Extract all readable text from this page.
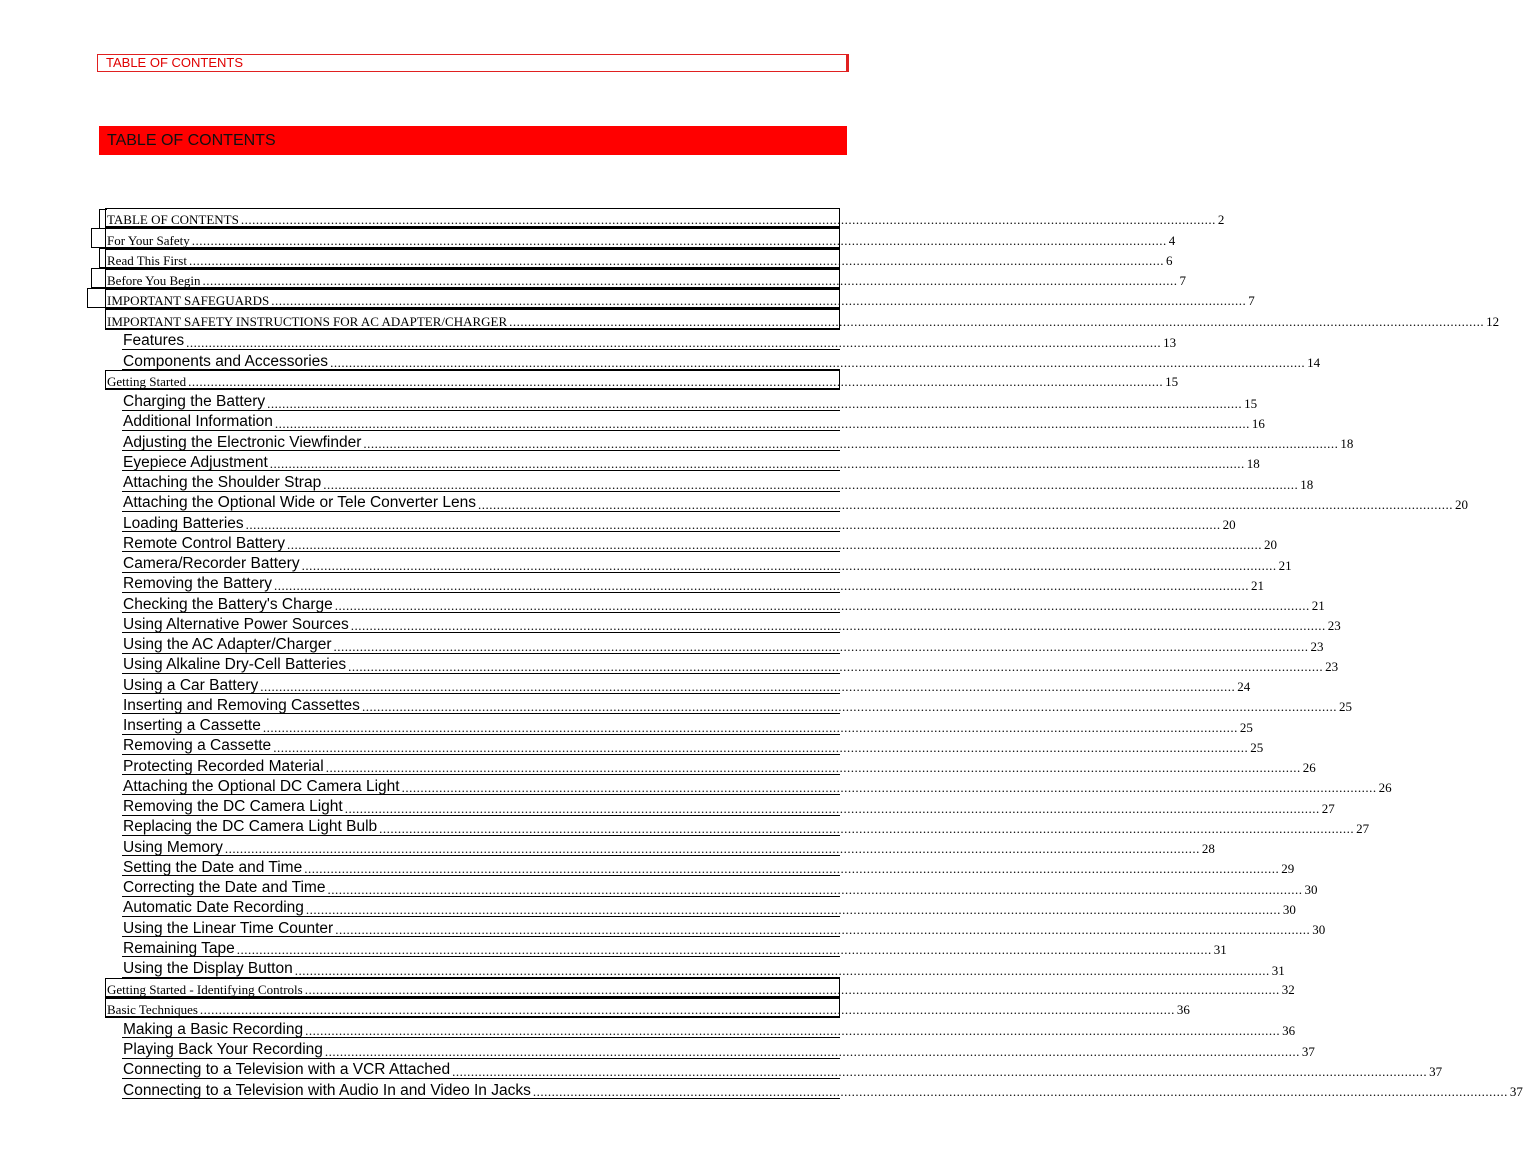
TABLE OF CONTENTS
TABLE OF CONTENTS
TABLE OF CONTENTS .................................................................................................................................................................................................................................................................... 2
For Your Safety .................................................................................................................................................................................................................................................................... 4
Read This First .................................................................................................................................................................................................................................................................... 6
Before You Begin .................................................................................................................................................................................................................................................................... 7
IMPORTANT SAFEGUARDS .................................................................................................................................................................................................................................................................... 7
IMPORTANT SAFETY INSTRUCTIONS FOR AC ADAPTER/CHARGER .................................................................................................................................................................................................................................................................... 12
Features .................................................................................................................................................................................................................................................................... 13
Components and Accessories .................................................................................................................................................................................................................................................................... 14
Getting Started .................................................................................................................................................................................................................................................................... 15
Charging the Battery .................................................................................................................................................................................................................................................................... 15
Additional Information .................................................................................................................................................................................................................................................................... 16
Adjusting the Electronic Viewfinder .................................................................................................................................................................................................................................................................... 18
Eyepiece Adjustment .................................................................................................................................................................................................................................................................... 18
Attaching the Shoulder Strap .................................................................................................................................................................................................................................................................... 18
Attaching the Optional Wide or Tele Converter Lens .................................................................................................................................................................................................................................................................... 20
Loading Batteries .................................................................................................................................................................................................................................................................... 20
Remote Control Battery .................................................................................................................................................................................................................................................................... 20
Camera/Recorder Battery .................................................................................................................................................................................................................................................................... 21
Removing the Battery .................................................................................................................................................................................................................................................................... 21
Checking the Battery's Charge .................................................................................................................................................................................................................................................................... 21
Using Alternative Power Sources .................................................................................................................................................................................................................................................................... 23
Using the AC Adapter/Charger .................................................................................................................................................................................................................................................................... 23
Using Alkaline Dry-Cell Batteries .................................................................................................................................................................................................................................................................... 23
Using a Car Battery .................................................................................................................................................................................................................................................................... 24
Inserting and Removing Cassettes .................................................................................................................................................................................................................................................................... 25
Inserting a Cassette .................................................................................................................................................................................................................................................................... 25
Removing a Cassette .................................................................................................................................................................................................................................................................... 25
Protecting Recorded Material .................................................................................................................................................................................................................................................................... 26
Attaching the Optional DC Camera Light .................................................................................................................................................................................................................................................................... 26
Removing the DC Camera Light .................................................................................................................................................................................................................................................................... 27
Replacing the DC Camera Light Bulb .................................................................................................................................................................................................................................................................... 27
Using Memory .................................................................................................................................................................................................................................................................... 28
Setting the Date and Time .................................................................................................................................................................................................................................................................... 29
Correcting the Date and Time .................................................................................................................................................................................................................................................................... 30
Automatic Date Recording .................................................................................................................................................................................................................................................................... 30
Using the Linear Time Counter .................................................................................................................................................................................................................................................................... 30
Remaining Tape .................................................................................................................................................................................................................................................................... 31
Using the Display Button .................................................................................................................................................................................................................................................................... 31
Getting Started - Identifying Controls .................................................................................................................................................................................................................................................................... 32
Basic Techniques .................................................................................................................................................................................................................................................................... 36
Making a Basic Recording .................................................................................................................................................................................................................................................................... 36
Playing Back Your Recording .................................................................................................................................................................................................................................................................... 37
Connecting to a Television with a VCR Attached .................................................................................................................................................................................................................................................................... 37
Connecting to a Television with Audio In and Video In Jacks .................................................................................................................................................................................................................................................................... 37
